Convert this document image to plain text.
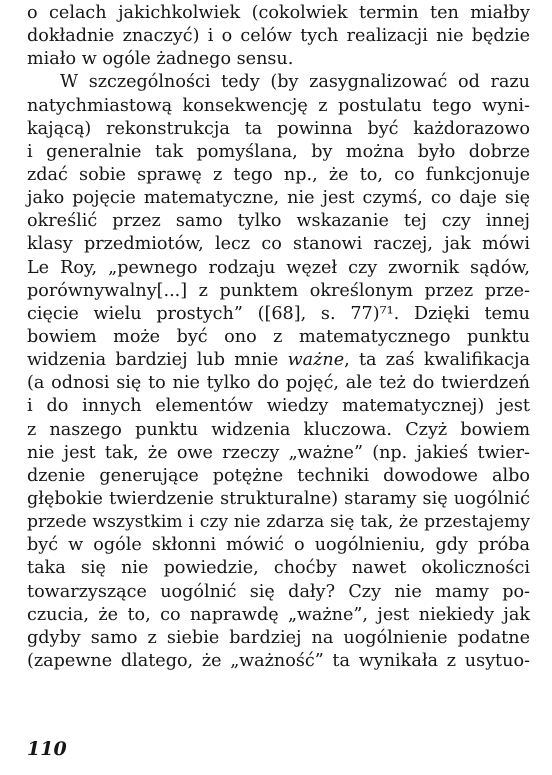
o celach jakichkolwiek (cokolwiek termin ten miałby
dokładnie znaczyć) i o celów tych realizacji nie będzie
miało w ogóle żadnego sensu.
W szczególności tedy (by zasygnalizować od razu
natychmiastową konsekwencję z postulatu tego wyni-
kającą) rekonstrukcja ta powinna być każdorazowo
i generalnie tak pomyślana, by można było dobrze
zdać sobie sprawę z tego np., że to, co funkcjonuje
jako pojęcie matematyczne, nie jest czymś, co daje się
określić przez samo tylko wskazanie tej czy innej
klasy przedmiotów, lecz co stanowi raczej, jak mówi
Le Roy, „pewnego rodzaju węzeł czy zwornik sądów,
porównywalny[...] z punktem określonym przez prze-
cięcie wielu prostych” ([68], s. 77)⁷¹. Dzięki temu
bowiem może być ono z matematycznego punktu
widzenia bardziej lub mnie ważne, ta zaś kwalifikacja
(a odnosi się to nie tylko do pojęć, ale też do twierdzeń
i do innych elementów wiedzy matematycznej) jest
z naszego punktu widzenia kluczowa. Czyż bowiem
nie jest tak, że owe rzeczy „ważne” (np. jakieś twier-
dzenie generujące potężne techniki dowodowe albo
głębokie twierdzenie strukturalne) staramy się uogólnić
przede wszystkim i czy nie zdarza się tak, że przestajemy
być w ogóle skłonni mówić o uogólnieniu, gdy próba
taka się nie powiedzie, choćby nawet okoliczności
towarzyszące uogólnić się dały? Czy nie mamy po-
czucia, że to, co naprawdę „ważne”, jest niekiedy jak
gdyby samo z siebie bardziej na uogólnienie podatne
(zapewne dlatego, że „ważność” ta wynikała z usytuo-
110
